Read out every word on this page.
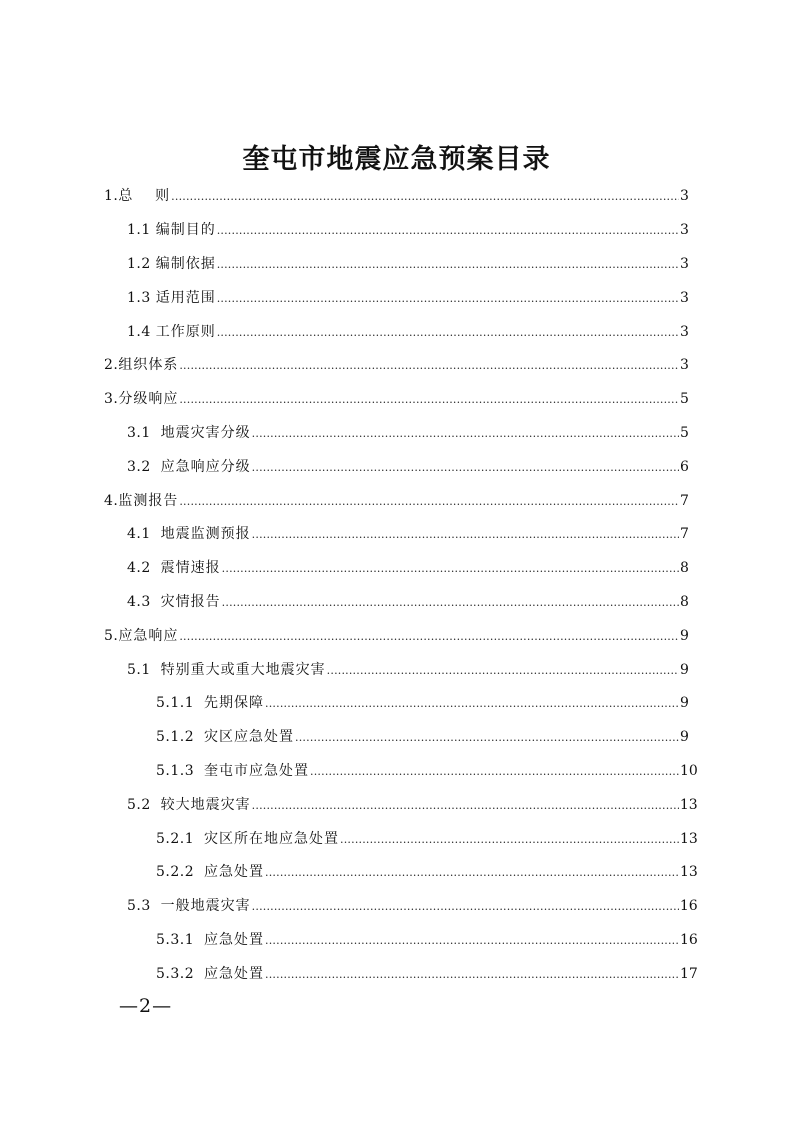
奎屯市地震应急预案目录
1. 总    则 .....	3
1.1 编制目的 .....	3
1.2 编制依据 .....	3
1.3 适用范围 .....	3
1.4 工作原则 .....	3
2. 组织体系 .....	3
3. 分级响应 .....	5
3.1 地震灾害分级 .....	5
3.2 应急响应分级 .....	6
4. 监测报告 .....	7
4.1 地震监测预报 .....	7
4.2 震情速报 .....	8
4.3 灾情报告 .....	8
5. 应急响应 .....	9
5.1 特别重大或重大地震灾害 .....	9
5.1.1 先期保障 .....	9
5.1.2 灾区应急处置 .....	9
5.1.3 奎屯市应急处置 .....	10
5.2 较大地震灾害 .....	13
5.2.1 灾区所在地应急处置 .....	13
5.2.2 应急处置 .....	13
5.3 一般地震灾害 .....	16
5.3.1 应急处置 .....	16
5.3.2 应急处置 .....	17
—2—
